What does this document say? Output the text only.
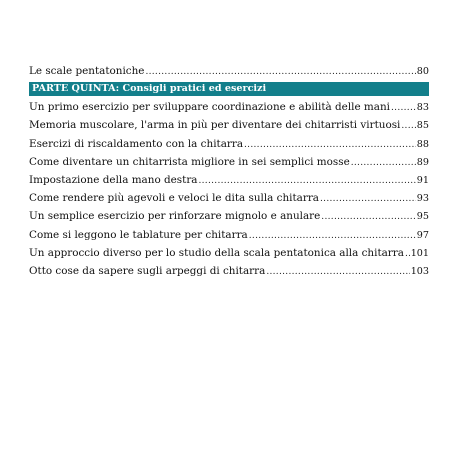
Le scale pentatoniche .....	80
PARTE QUINTA: Consigli pratici ed esercizi
Un primo esercizio per sviluppare coordinazione e abilità delle mani .....	83
Memoria muscolare, l'arma in più per diventare dei chitarristi virtuosi ..... 85
Esercizi di riscaldamento con la chitarra .....	88
Come diventare un chitarrista migliore in sei semplici mosse .....	89
Impostazione della mano destra .....	91
Come rendere più agevoli e veloci le dita sulla chitarra .....	93
Un semplice esercizio per rinforzare mignolo e anulare .....	95
Come si leggono le tablature per chitarra .....	97
Un approccio diverso per lo studio della scala pentatonica alla chitarra ..... 101
Otto cose da sapere sugli arpeggi di chitarra .....	103
